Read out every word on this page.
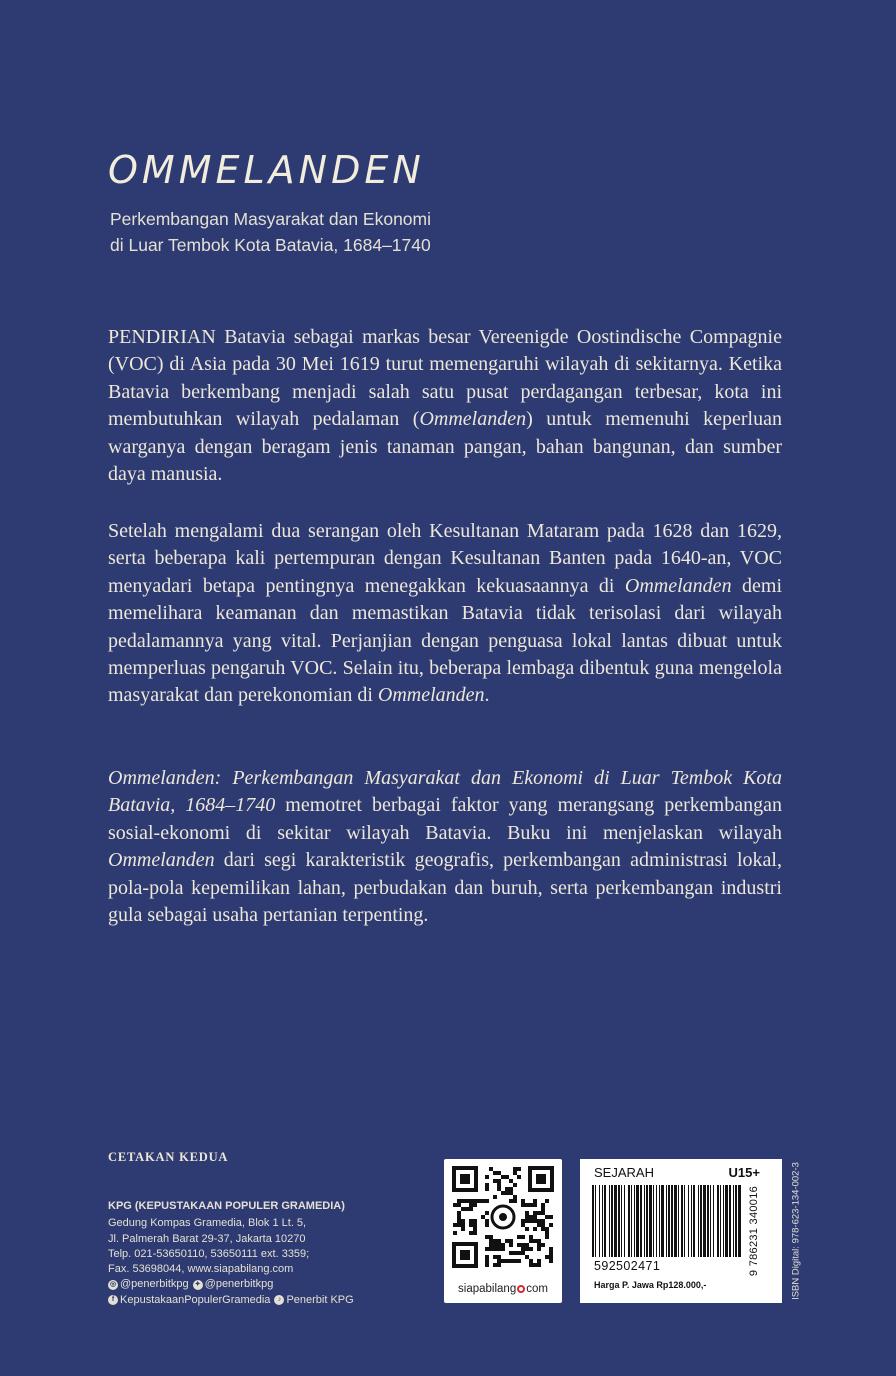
OMMELANDEN
Perkembangan Masyarakat dan Ekonomi
di Luar Tembok Kota Batavia, 1684–1740

PENDIRIAN Batavia sebagai markas besar Vereenigde Oostindische Compagnie (VOC) di Asia pada 30 Mei 1619 turut memengaruhi wilayah di sekitarnya. Ketika Batavia berkembang menjadi salah satu pusat perdagangan terbesar, kota ini membutuhkan wilayah pedalaman (Ommelanden) untuk memenuhi keperluan warganya dengan beragam jenis tanaman pangan, bahan bangunan, dan sumber daya manusia.

Setelah mengalami dua serangan oleh Kesultanan Mataram pada 1628 dan 1629, serta beberapa kali pertempuran dengan Kesultanan Banten pada 1640-an, VOC menyadari betapa pentingnya menegakkan kekuasaannya di Ommelanden demi memelihara keamanan dan memastikan Batavia tidak terisolasi dari wilayah pedalamannya yang vital. Perjanjian dengan penguasa lokal lantas dibuat untuk memperluas pengaruh VOC. Selain itu, beberapa lembaga dibentuk guna mengelola masyarakat dan perekonomian di Ommelanden.

Ommelanden: Perkembangan Masyarakat dan Ekonomi di Luar Tembok Kota Batavia, 1684–1740 memotret berbagai faktor yang merangsang perkembangan sosial-ekonomi di sekitar wilayah Batavia. Buku ini menjelaskan wilayah Ommelanden dari segi karakteristik geografis, perkembangan administrasi lokal, pola-pola kepemilikan lahan, perbudakan dan buruh, serta perkembangan industri gula sebagai usaha pertanian terpenting.

CETAKAN KEDUA
KPG (KEPUSTAKAAN POPULER GRAMEDIA)
Gedung Kompas Gramedia, Blok 1 Lt. 5,
Jl. Palmerah Barat 29-37, Jakarta 10270
Telp. 021-53650110, 53650111 ext. 3359;
Fax. 53698044, www.siapabilang.com
◎ @penerbitkpg ✦ @penerbitkpg
f KepustakaanPopulerGramedia	♪ Penerbit KPG
siapabilang com
SEJARAH	U15+
592502471
Harga P. Jawa Rp128.000,-
9 786231 340016	ISBN Digital: 978-623-134-002-3
